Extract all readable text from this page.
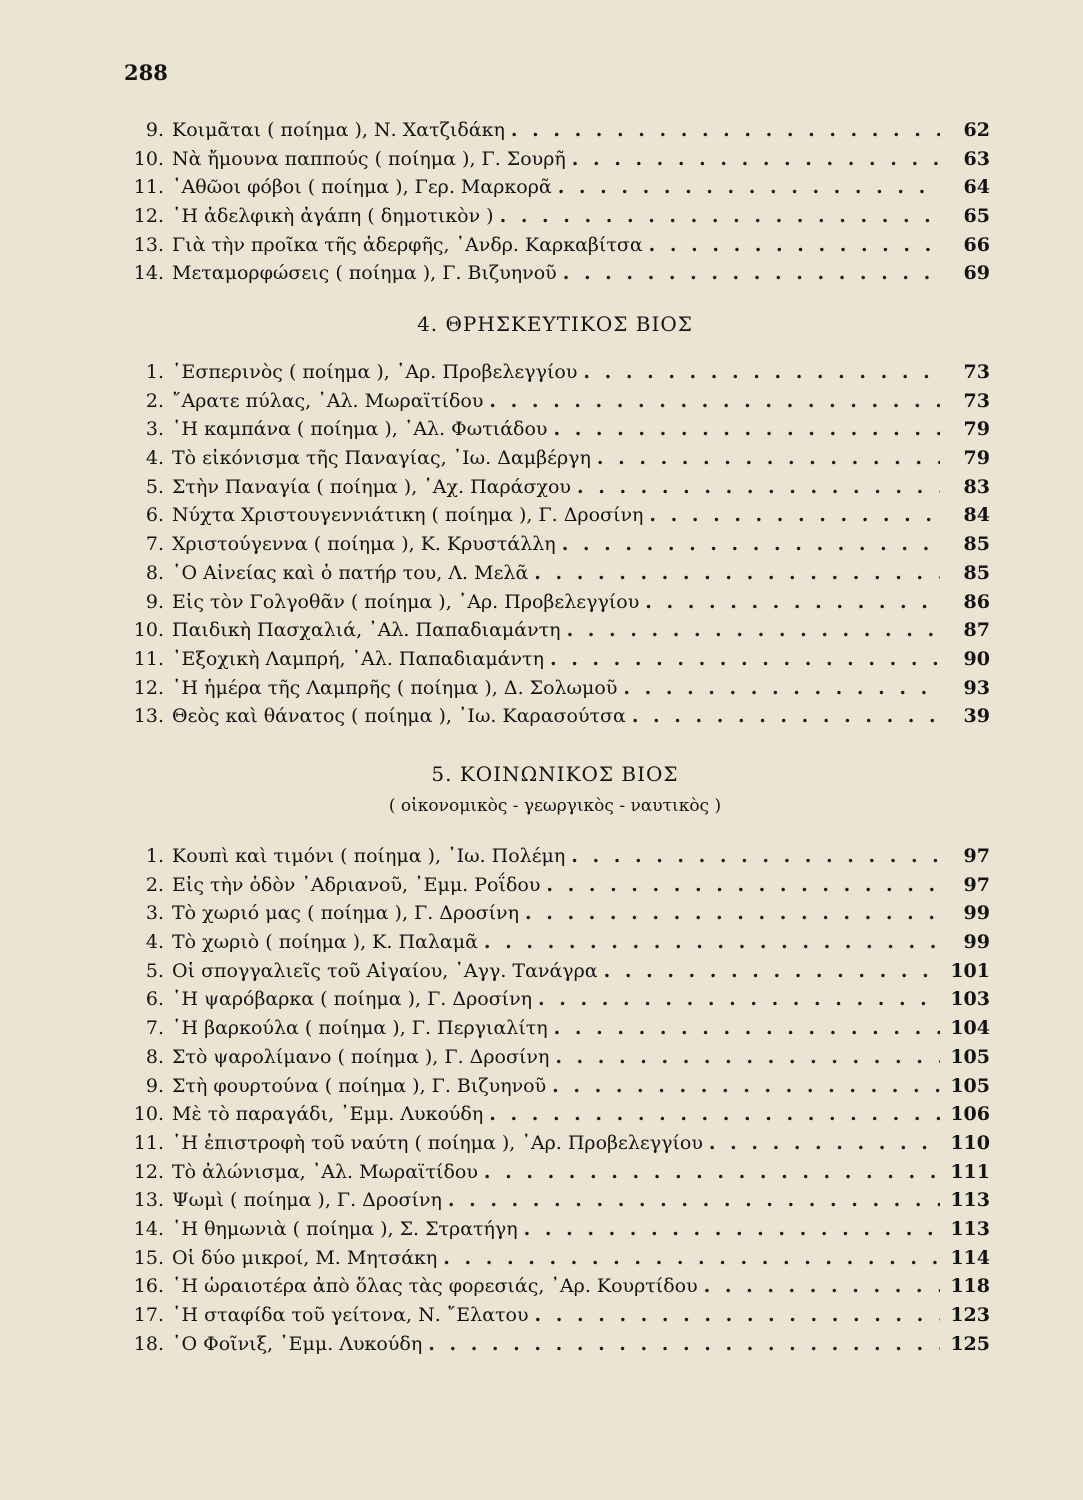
288
9. Κοιμᾶται ( ποίημα ), Ν. Χατζιδάκη . . .	62
10. Νὰ ἤμουνα παππούς ( ποίημα ), Γ. Σουρῆ . . .	63
11. ᾿Αθῶοι φόβοι ( ποίημα ), Γερ. Μαρκορᾶ . . .	64
12. ῾Η ἀδελφικὴ ἀγάπη ( δημοτικὸν ) . . .	65
13. Γιὰ τὴν προῖκα τῆς ἀδερφῆς, ᾿Ανδρ. Καρκαβίτσα . . .	66
14. Μεταμορφώσεις ( ποίημα ), Γ. Βιζυηνοῦ . . .	69
4. ΘΡΗΣΚΕΥΤΙΚΟΣ ΒΙΟΣ
1. ῾Εσπερινὸς ( ποίημα ), ᾿Αρ. Προβελεγγίου . . .	73
2. ῎Αρατε πύλας, ᾿Αλ. Μωραϊτίδου . . .	73
3. ῾Η καμπάνα ( ποίημα ), ᾿Αλ. Φωτιάδου . . .	79
4. Τὸ εἰκόνισμα τῆς Παναγίας, ᾿Ιω. Δαμβέργη . . .	79
5. Στὴν Παναγία ( ποίημα ), ᾿Αχ. Παράσχου . . .	83
6. Νύχτα Χριστουγεννιάτικη ( ποίημα ), Γ. Δροσίνη . . .	84
7. Χριστούγεννα ( ποίημα ), Κ. Κρυστάλλη . . .	85
8. ῾Ο Αἰνείας καὶ ὁ πατήρ του, Λ. Μελᾶ . . .	85
9. Εἰς τὸν Γολγοθᾶν ( ποίημα ), ᾿Αρ. Προβελεγγίου . . .	86
10. Παιδικὴ Πασχαλιά, ᾿Αλ. Παπαδιαμάντη . . .	87
11. ᾿Εξοχικὴ Λαμπρή, ᾿Αλ. Παπαδιαμάντη . . .	90
12. ῾Η ἡμέρα τῆς Λαμπρῆς ( ποίημα ), Δ. Σολωμοῦ . . .	93
13. Θεὸς καὶ θάνατος ( ποίημα ), ᾿Ιω. Καρασούτσα . . .	39
5. ΚΟΙΝΩΝΙΚΟΣ ΒΙΟΣ
( οἰκονομικὸς - γεωργικὸς - ναυτικὸς )
1. Κουπὶ καὶ τιμόνι ( ποίημα ), ᾿Ιω. Πολέμη . . .	97
2. Εἰς τὴν ὁδὸν ᾿Αδριανοῦ, ᾿Εμμ. Ροΐδου . . .	97
3. Τὸ χωριό μας ( ποίημα ), Γ. Δροσίνη . . .	99
4. Τὸ χωριὸ ( ποίημα ), Κ. Παλαμᾶ . . .	99
5. Οἱ σπογγαλιεῖς τοῦ Αἰγαίου, ᾿Αγγ. Τανάγρα . . .	101
6. ῾Η ψαρόβαρκα ( ποίημα ), Γ. Δροσίνη . . .	103
7. ῾Η βαρκούλα ( ποίημα ), Γ. Περγιαλίτη . . .	104
8. Στὸ ψαρολίμανο ( ποίημα ), Γ. Δροσίνη . . .	105
9. Στὴ φουρτούνα ( ποίημα ), Γ. Βιζυηνοῦ . . .	105
10. Μὲ τὸ παραγάδι, ᾿Εμμ. Λυκούδη . . .	106
11. ῾Η ἐπιστροφὴ τοῦ ναύτη ( ποίημα ), ᾿Αρ. Προβελεγγίου . . .	110
12. Τὸ ἀλώνισμα, ᾿Αλ. Μωραϊτίδου . . .	111
13. Ψωμὶ ( ποίημα ), Γ. Δροσίνη . . .	113
14. ῾Η θημωνιὰ ( ποίημα ), Σ. Στρατήγη . . .	113
15. Οἱ δύο μικροί, Μ. Μητσάκη . . .	114
16. ῾Η ὡραιοτέρα ἀπὸ ὅλας τὰς φορεσιάς, ᾿Αρ. Κουρτίδου . . .	118
17. ῾Η σταφίδα τοῦ γείτονα, Ν. ῎Ελατου . . .	123
18. ῾Ο Φοῖνιξ, ᾿Εμμ. Λυκούδη . . .	125
